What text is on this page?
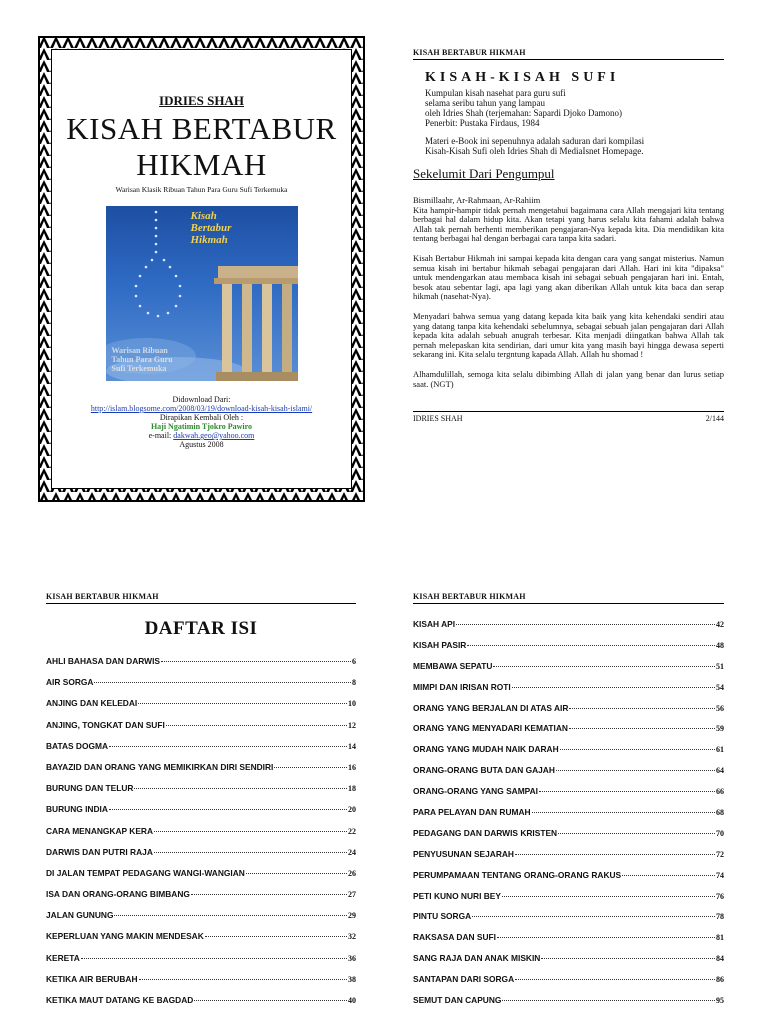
IDRIES SHAH
KISAH BERTABUR
HIKMAH
Warisan Klasik Ribuan Tahun Para Guru Sufi Terkemuka
Kisah
Bertabur
Hikmah
Warisan Ribuan
Tahun Para Guru
Sufi Terkemuka
Didownload Dari:
http://islam.blogsome.com/2008/03/19/download-kisah-kisah-islami/
Dirapikan Kembali Oleh :
Haji Ngatimin Tjokro Pawiro
e-mail: dakwah.geo@yahoo.com
Agustus 2008
KISAH BERTABUR HIKMAH
KISAH-KISAH SUFI
Kumpulan kisah nasehat para guru sufi
selama seribu tahun yang lampau
oleh Idries Shah (terjemahan: Sapardi Djoko Damono)
Penerbit: Pustaka Firdaus, 1984
Materi e-Book ini sepenuhnya adalah saduran dari kompilasi
Kisah-Kisah Sufi oleh Idries Shah di MediaIsnet Homepage.
Sekelumit Dari Pengumpul
Bismillaahr, Ar-Rahmaan, Ar-Rahiim
Kita hampir-hampir tidak pernah mengetahui bagaimana cara Allah mengajari kita tentang berbagai hal dalam hidup kita. Akan tetapi yang harus selalu kita fahami adalah bahwa Allah tak pernah berhenti memberikan pengajaran-Nya kepada kita. Dia mendidikan kita tentang berbagai hal dengan berbagai cara tanpa kita sadari.
Kisah Bertabur Hikmah ini sampai kepada kita dengan cara yang sangat misterius. Namun semua kisah ini bertabur hikmah sebagai pengajaran dari Allah. Hari ini kita "dipaksa" untuk mendengarkan atau membaca kisah ini sebagai sebuah pengajaran hari ini. Entah, besok atau sebentar lagi, apa lagi yang akan diberikan Allah untuk kita baca dan serap hikmah (nasehat-Nya).
Menyadari bahwa semua yang datang kepada kita baik yang kita kehendaki sendiri atau yang datang tanpa kita kehendaki sebelumnya, sebagai sebuah jalan pengajaran dari Allah kepada kita adalah sebuah anugrah terbesar. Kita menjadi diingatkan bahwa Allah tak pernah melepaskan kita sendirian, dari umur kita yang masih bayi hingga dewasa seperti sekarang ini. Kita selalu tergntung kapada Allah. Allah hu shomad !
Alhamdulillah, semoga kita selalu dibimbing Allah di jalan yang benar dan lurus setiap saat. (NGT)
IDRIES SHAH	2/144
KISAH BERTABUR HIKMAH
DAFTAR ISI
AHLI BAHASA DAN DARWIS	6
AIR SORGA	8
ANJING DAN KELEDAI	10
ANJING, TONGKAT DAN SUFI	12
BATAS DOGMA	14
BAYAZID DAN ORANG YANG MEMIKIRKAN DIRI SENDIRI	16
BURUNG DAN TELUR	18
BURUNG INDIA	20
CARA MENANGKAP KERA	22
DARWIS DAN PUTRI RAJA	24
DI JALAN TEMPAT PEDAGANG WANGI-WANGIAN	26
ISA DAN ORANG-ORANG BIMBANG	27
JALAN GUNUNG	29
KEPERLUAN YANG MAKIN MENDESAK	32
KERETA	36
KETIKA AIR BERUBAH	38
KETIKA MAUT DATANG KE BAGDAD	40
KISAH BERTABUR HIKMAH
KISAH API	42
KISAH PASIR	48
MEMBAWA SEPATU	51
MIMPI DAN IRISAN ROTI	54
ORANG YANG BERJALAN DI ATAS AIR	56
ORANG YANG MENYADARI KEMATIAN	59
ORANG YANG MUDAH NAIK DARAH	61
ORANG-ORANG BUTA DAN GAJAH	64
ORANG-ORANG YANG SAMPAI	66
PARA PELAYAN DAN RUMAH	68
PEDAGANG DAN DARWIS KRISTEN	70
PENYUSUNAN SEJARAH	72
PERUMPAMAAN TENTANG ORANG-ORANG RAKUS	74
PETI KUNO NURI BEY	76
PINTU SORGA	78
RAKSASA DAN SUFI	81
SANG RAJA DAN ANAK MISKIN	84
SANTAPAN DARI SORGA	86
SEMUT DAN CAPUNG	95
